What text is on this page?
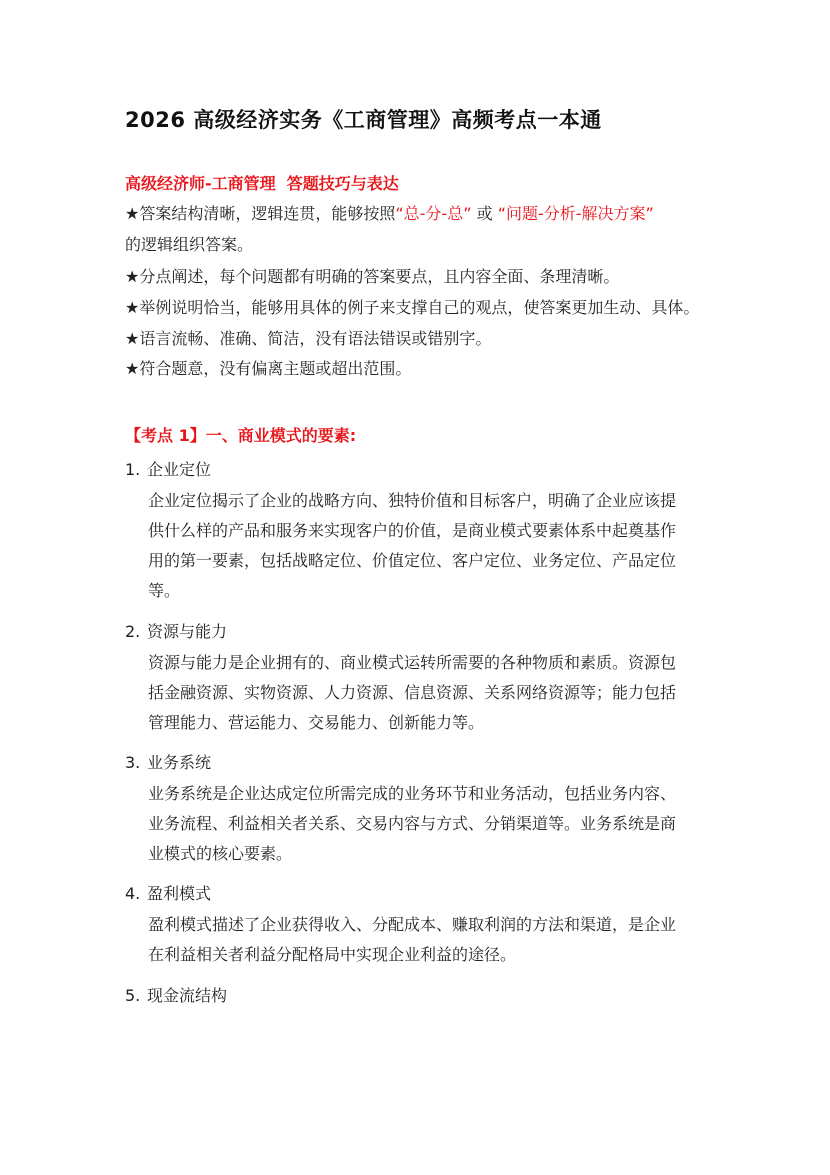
2026 高级经济实务《工商管理》高频考点一本通
高级经济师-工商管理  答题技巧与表达
★答案结构清晰，逻辑连贯，能够按照“总-分-总” 或 “问题-分析-解决方案”
的逻辑组织答案。
★分点阐述，每个问题都有明确的答案要点，且内容全面、条理清晰。
★举例说明恰当，能够用具体的例子来支撑自己的观点，使答案更加生动、具体。
★语言流畅、准确、简洁，没有语法错误或错别字。
★符合题意，没有偏离主题或超出范围。
【考点 1】一、商业模式的要素:
1. 企业定位
企业定位揭示了企业的战略方向、独特价值和目标客户，明确了企业应该提
供什么样的产品和服务来实现客户的价值，是商业模式要素体系中起奠基作
用的第一要素，包括战略定位、价值定位、客户定位、业务定位、产品定位
等。
2. 资源与能力
资源与能力是企业拥有的、商业模式运转所需要的各种物质和素质。资源包
括金融资源、实物资源、人力资源、信息资源、关系网络资源等；能力包括
管理能力、营运能力、交易能力、创新能力等。
3. 业务系统
业务系统是企业达成定位所需完成的业务环节和业务活动，包括业务内容、
业务流程、利益相关者关系、交易内容与方式、分销渠道等。业务系统是商
业模式的核心要素。
4. 盈利模式
盈利模式描述了企业获得收入、分配成本、赚取利润的方法和渠道，是企业
在利益相关者利益分配格局中实现企业利益的途径。
5. 现金流结构
